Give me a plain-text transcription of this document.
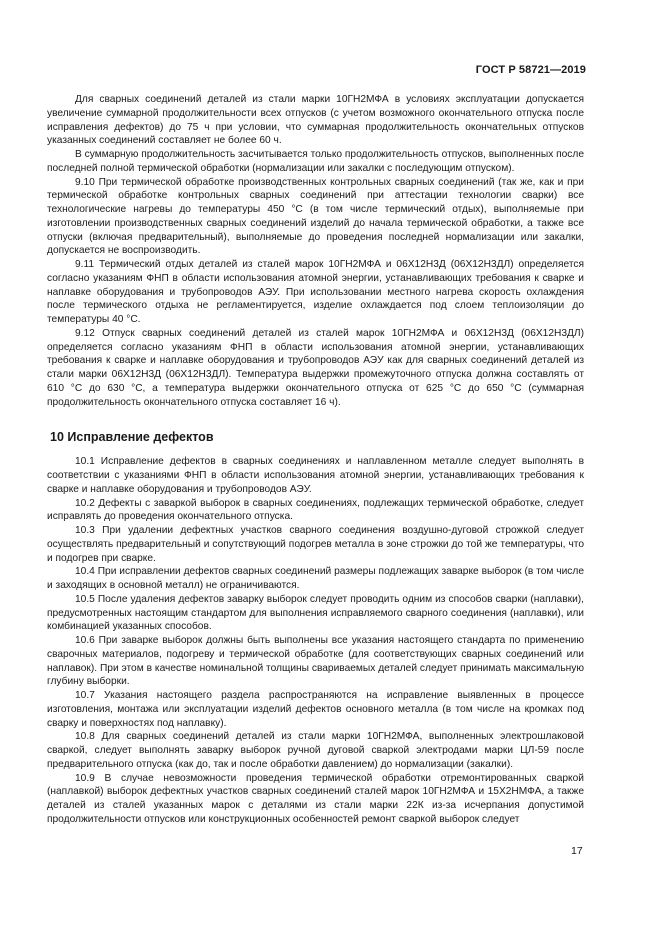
ГОСТ Р 58721—2019

Для сварных соединений деталей из стали марки 10ГН2МФА в условиях эксплуатации допускается увеличение суммарной продолжительности всех отпусков (с учетом возможного окончательного отпуска после исправления дефектов) до 75 ч при условии, что суммарная продолжительность окончательных отпусков указанных соединений составляет не более 60 ч.

В суммарную продолжительность засчитывается только продолжительность отпусков, выполненных после последней полной термической обработки (нормализации или закалки с последующим отпуском).

9.10 При термической обработке производственных контрольных сварных соединений (так же, как и при термической обработке контрольных сварных соединений при аттестации технологии сварки) все технологические нагревы до температуры 450 °С (в том числе термический отдых), выполняемые при изготовлении производственных сварных соединений изделий до начала термической обработки, а также все отпуски (включая предварительный), выполняемые до проведения последней нормализации или закалки, допускается не воспроизводить.

9.11 Термический отдых деталей из сталей марок 10ГН2МФА и 06Х12Н3Д (06Х12Н3ДЛ) определяется согласно указаниям ФНП в области использования атомной энергии, устанавливающих требования к сварке и наплавке оборудования и трубопроводов АЭУ. При использовании местного нагрева скорость охлаждения после термического отдыха не регламентируется, изделие охлаждается под слоем теплоизоляции до температуры 40 °С.

9.12 Отпуск сварных соединений деталей из сталей марок 10ГН2МФА и 06Х12Н3Д (06Х12Н3ДЛ) определяется согласно указаниям ФНП в области использования атомной энергии, устанавливающих требования к сварке и наплавке оборудования и трубопроводов АЭУ как для сварных соединений деталей из стали марки 06Х12Н3Д (06Х12Н3ДЛ). Температура выдержки промежуточного отпуска должна составлять от 610 °С до 630 °С, а температура выдержки окончательного отпуска от 625 °С до 650 °С (суммарная продолжительность окончательного отпуска составляет 16 ч).

10 Исправление дефектов

10.1 Исправление дефектов в сварных соединениях и наплавленном металле следует выполнять в соответствии с указаниями ФНП в области использования атомной энергии, устанавливающих требования к сварке и наплавке оборудования и трубопроводов АЭУ.

10.2 Дефекты с заваркой выборок в сварных соединениях, подлежащих термической обработке, следует исправлять до проведения окончательного отпуска.

10.3 При удалении дефектных участков сварного соединения воздушно-дуговой строжкой следует осуществлять предварительный и сопутствующий подогрев металла в зоне строжки до той же температуры, что и подогрев при сварке.

10.4 При исправлении дефектов сварных соединений размеры подлежащих заварке выборок (в том числе и заходящих в основной металл) не ограничиваются.

10.5 После удаления дефектов заварку выборок следует проводить одним из способов сварки (наплавки), предусмотренных настоящим стандартом для выполнения исправляемого сварного соединения (наплавки), или комбинацией указанных способов.

10.6 При заварке выборок должны быть выполнены все указания настоящего стандарта по применению сварочных материалов, подогреву и термической обработке (для соответствующих сварных соединений или наплавок). При этом в качестве номинальной толщины свариваемых деталей следует принимать максимальную глубину выборки.

10.7 Указания настоящего раздела распространяются на исправление выявленных в процессе изготовления, монтажа или эксплуатации изделий дефектов основного металла (в том числе на кромках под сварку и поверхностях под наплавку).

10.8 Для сварных соединений деталей из стали марки 10ГН2МФА, выполненных электрошлаковой сваркой, следует выполнять заварку выборок ручной дуговой сваркой электродами марки ЦЛ-59 после предварительного отпуска (как до, так и после обработки давлением) до нормализации (закалки).

10.9 В случае невозможности проведения термической обработки отремонтированных сваркой (наплавкой) выборок дефектных участков сварных соединений сталей марок 10ГН2МФА и 15Х2НМФА, а также деталей из сталей указанных марок с деталями из стали марки 22К из-за исчерпания допустимой продолжительности отпусков или конструкционных особенностей ремонт сваркой выборок следует

17
